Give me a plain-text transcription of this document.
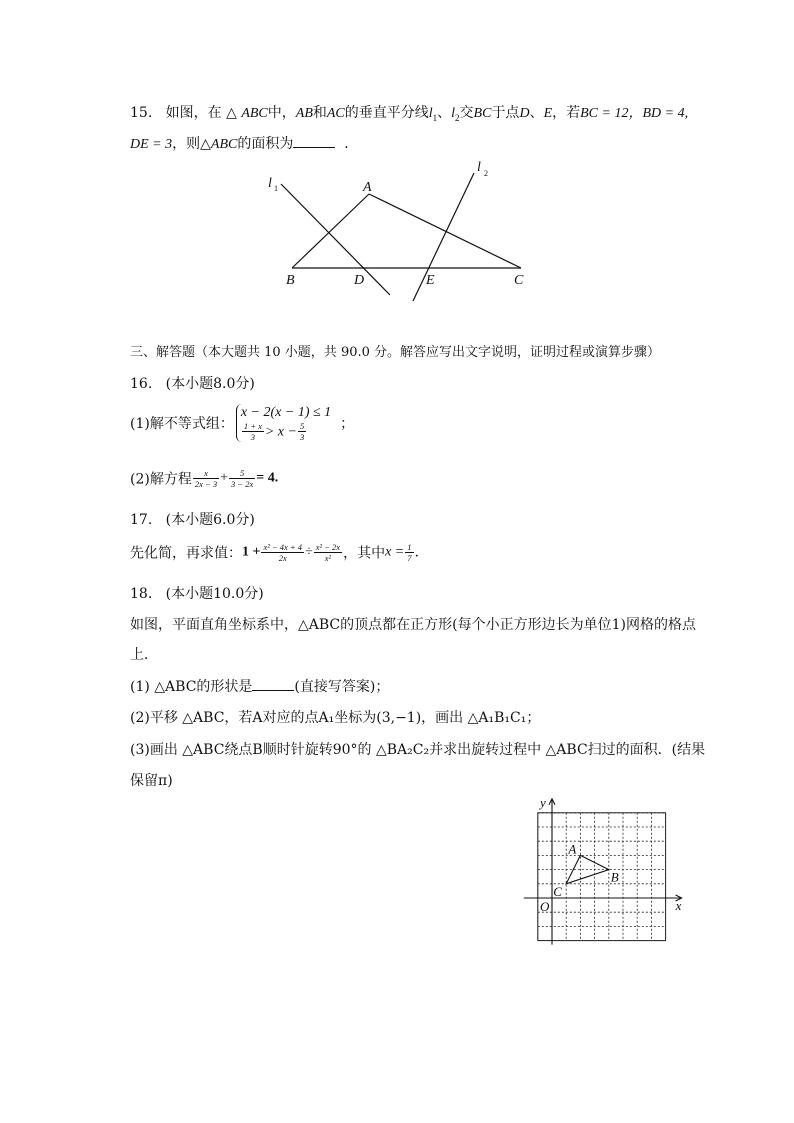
15. 如图，在 △ ABC中，AB和AC的垂直平分线$l_1$、$l_2$交BC于点D、E，若BC = 12，BD = 4,
DE = 3，则△ABC的面积为	．
l 1
l 2
A
B	D	E	C
三、解答题（本大题共 10 小题，共 90.0 分。解答应写出文字说明，证明过程或演算步骤）
16. (本小题8.0分)
(1)解不等式组：
x − 2(x − 1) ≤ 1
$\frac{1 + x}{3} > x - \frac{5}{3}$ ；
(2)解方程 $\frac{x}{2x - 3} + \frac{5}{3 - 2x} = 4$.
17. (本小题6.0分)
先化简，再求值：$1 + \frac{\text{x² − 4x + 4}}{2x} \div \frac{\text{x² − 2x}}{\text{x²}}$ ，其中$x = \frac{1}{7}$ .
18. (本小题10.0分)
如图，平面直角坐标系中，△ABC的顶点都在正方形(每个小正方形边长为单位1)网格的格点
上．
(1) △ABC的形状是	(直接写答案)；
(2)平移 △ABC，若A对应的点A₁坐标为(3,−1)，画出 △A₁B₁C₁；
(3)画出 △ABC绕点B顺时针旋转90°的 △BA₂C₂并求出旋转过程中 △ABC扫过的面积．(结果
保留π)
y
x
O
A
B
C
